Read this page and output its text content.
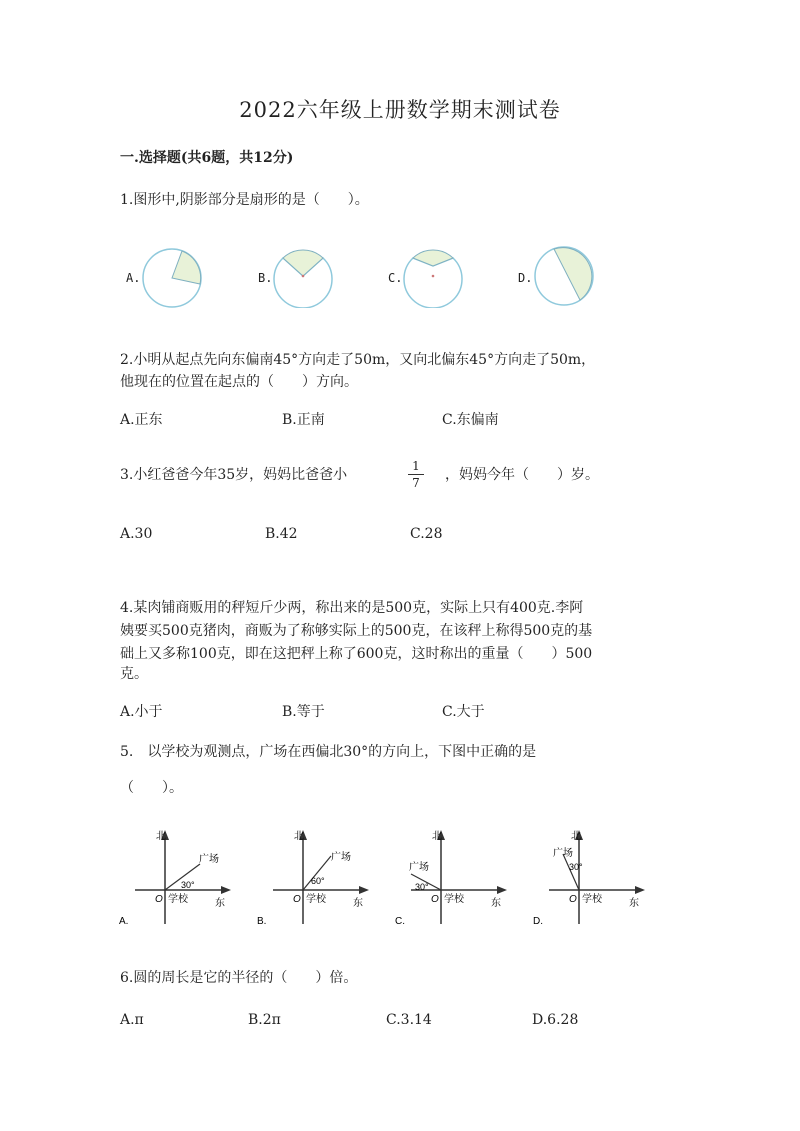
2022六年级上册数学期末测试卷
一.选择题(共6题，共12分)
1.图形中,阴影部分是扇形的是（　　）。
A.	B.	C.	D.
2.小明从起点先向东偏南45°方向走了50m，又向北偏东45°方向走了50m，
他现在的位置在起点的（　　）方向。
A.正东	B.正南	C.东偏南
3.小红爸爸今年35岁，妈妈比爸爸小
1
7	，妈妈今年（　　）岁。
A.30	B.42	C.28
4.某肉铺商贩用的秤短斤少两，称出来的是500克，实际上只有400克.李阿
姨要买500克猪肉，商贩为了称够实际上的500克，在该秤上称得500克的基
础上又多称100克，即在这把秤上称了600克，这时称出的重量（　　）500
克。
A.小于	B.等于	C.大于
5.　以学校为观测点，广场在西偏北30°的方向上，下图中正确的是
（　　）。
北
东
O 学校
广场
30°
A.
北
东
O 学校
广场
60°
B.
北
东
O 学校
广场
30°
C.
广场
北
东
O 学校
30°
D.
6.圆的周长是它的半径的（　　）倍。
A.π	B.2π	C.3.14	D.6.28
